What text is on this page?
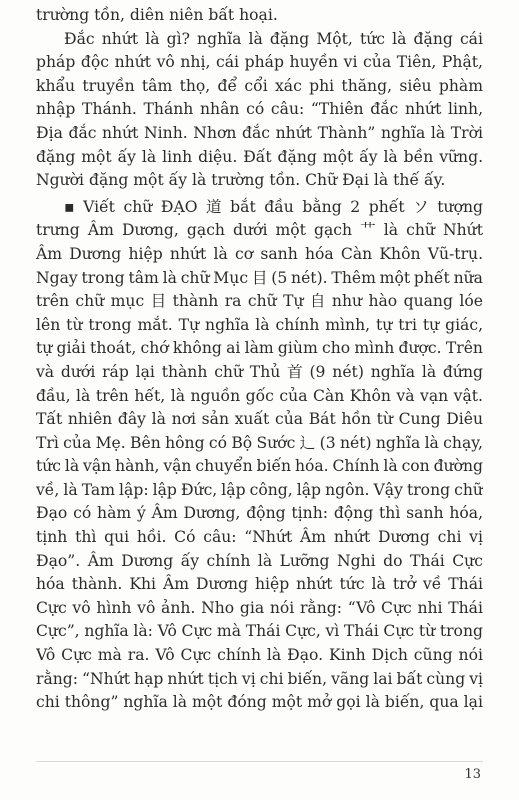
trường tồn, diên niên bất hoại.
Đắc nhứt là gì? nghĩa là đặng Một, tức là đặng cái
pháp độc nhứt vô nhị, cái pháp huyền vi của Tiên, Phật,
khẩu truyền tâm thọ, để cổi xác phi thăng, siêu phàm
nhập Thánh. Thánh nhân có câu: “Thiên đắc nhứt linh,
Địa đắc nhứt Ninh. Nhơn đắc nhứt Thành” nghĩa là Trời
đặng một ấy là linh diệu. Đất đặng một ấy là bền vững.
Người đặng một ấy là trường tồn. Chữ Đại là thế ấy.
▪ Viết chữ ĐẠO 道 bắt đầu bằng 2 phết ソ tượng
trưng Âm Dương, gạch dưới một gạch 艹 là chữ Nhứt
Âm Dương hiệp nhứt là cơ sanh hóa Càn Khôn Vũ-trụ.
Ngay trong tâm là chữ Mục 目 (5 nét). Thêm một phết nữa
trên chữ mục 目 thành ra chữ Tự 自 như hào quang lóe
lên từ trong mắt. Tự nghĩa là chính mình, tự tri tự giác,
tự giải thoát, chớ không ai làm giùm cho mình được. Trên
và dưới ráp lại thành chữ Thủ 首 (9 nét) nghĩa là đứng
đầu, là trên hết, là nguồn gốc của Càn Khôn và vạn vật.
Tất nhiên đây là nơi sản xuất của Bát hồn từ Cung Diêu
Trì của Mẹ. Bên hông có Bộ Sước ⻌ (3 nét) nghĩa là chạy,
tức là vận hành, vận chuyển biến hóa. Chính là con đường
về, là Tam lập: lập Đức, lập công, lập ngôn. Vậy trong chữ
Đạo có hàm ý Âm Dương, động tịnh: động thì sanh hóa,
tịnh thì qui hồi. Có câu: “Nhứt Âm nhứt Dương chi vị
Đạo”. Âm Dương ấy chính là Lưỡng Nghi do Thái Cực
hóa thành. Khi Âm Dương hiệp nhứt tức là trở về Thái
Cực vô hình vô ảnh. Nho gia nói rằng: “Vô Cực nhi Thái
Cực”, nghĩa là: Vô Cực mà Thái Cực, vì Thái Cực từ trong
Vô Cực mà ra. Vô Cực chính là Đạo. Kinh Dịch cũng nói
rằng: “Nhứt hạp nhứt tịch vị chi biến, vãng lai bất cùng vị
chi thông” nghĩa là một đóng một mở gọi là biến, qua lại
13
